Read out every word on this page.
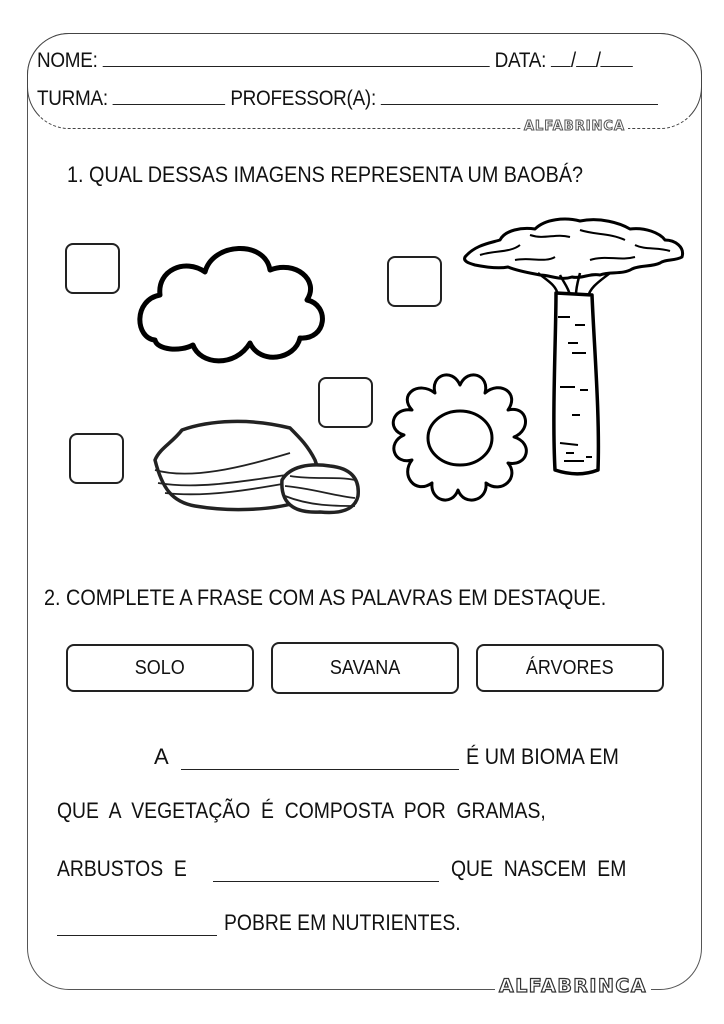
NOME:	DATA: / /
TURMA:	PROFESSOR(A):
ALFABRINCA
1. QUAL DESSAS IMAGENS REPRESENTA UM BAOBÁ?
2. COMPLETE A FRASE COM AS PALAVRAS EM DESTAQUE.
SOLO	SAVANA	ÁRVORES
A	É UM BIOMA EM
QUE  A  VEGETAÇÃO  É  COMPOSTA  POR  GRAMAS,
ARBUSTOS  E	QUE  NASCEM  EM
POBRE EM NUTRIENTES.
ALFABRINCA
